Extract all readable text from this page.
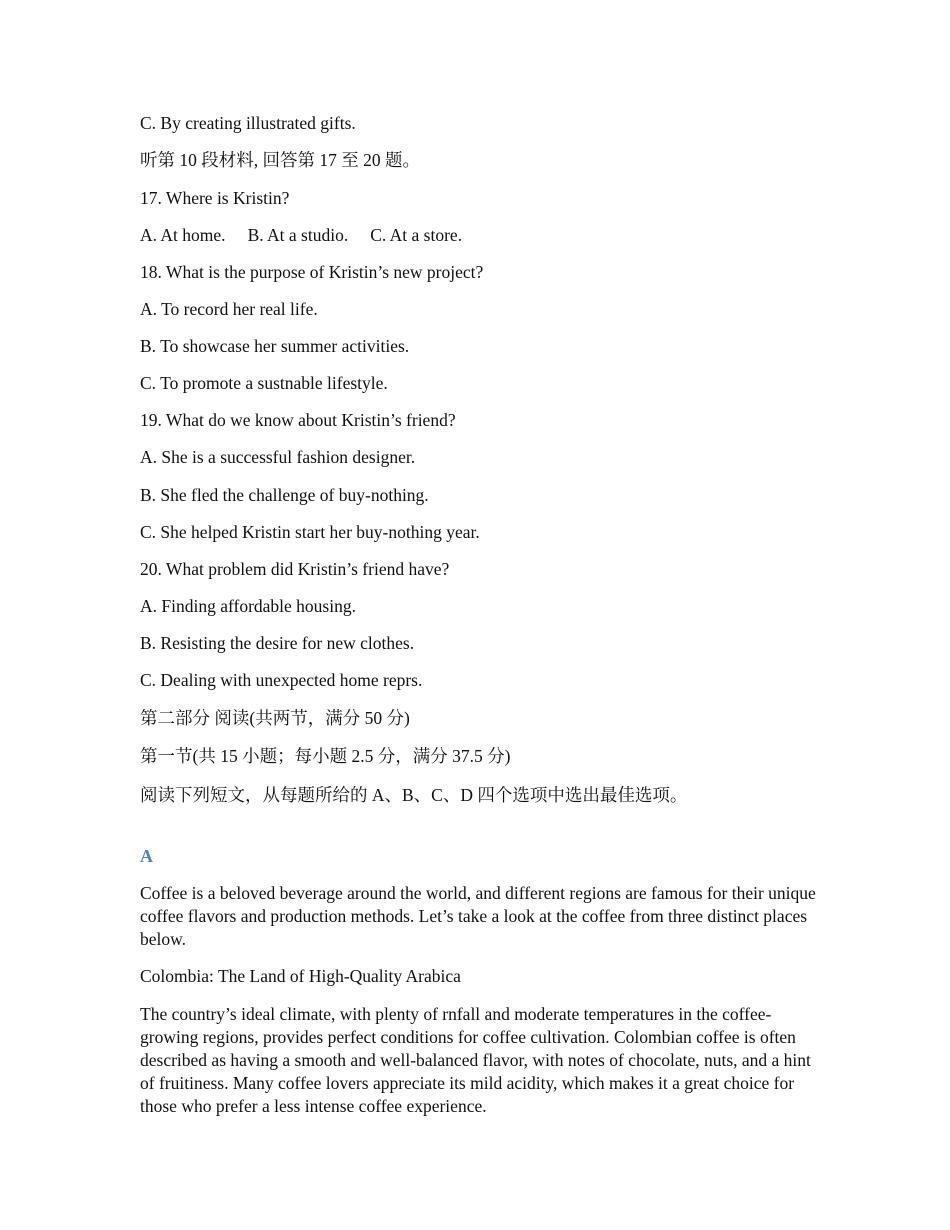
C. By creating illustrated gifts.
听第 10 段材料, 回答第 17 至 20 题。
17. Where is Kristin?
A. At home. B. At a studio. C. At a store.
18. What is the purpose of Kristin’s new project?
A. To record her real life.
B. To showcase her summer activities.
C. To promote a sustnable lifestyle.
19. What do we know about Kristin’s friend?
A. She is a successful fashion designer.
B. She fled the challenge of buy-nothing.
C. She helped Kristin start her buy-nothing year.
20. What problem did Kristin’s friend have?
A. Finding affordable housing.
B. Resisting the desire for new clothes.
C. Dealing with unexpected home reprs.
第二部分 阅读(共两节，满分 50 分)
第一节(共 15 小题；每小题 2.5 分，满分 37.5 分)
阅读下列短文，从每题所给的 A、B、C、D 四个选项中选出最佳选项。
A
Coffee is a beloved beverage around the world, and different regions are famous for their unique coffee flavors and production methods. Let’s take a look at the coffee from three distinct places below.
Colombia: The Land of High-Quality Arabica
The country’s ideal climate, with plenty of rnfall and moderate temperatures in the coffee-growing regions, provides perfect conditions for coffee cultivation. Colombian coffee is often described as having a smooth and well-balanced flavor, with notes of chocolate, nuts, and a hint of fruitiness. Many coffee lovers appreciate its mild acidity, which makes it a great choice for those who prefer a less intense coffee experience.
